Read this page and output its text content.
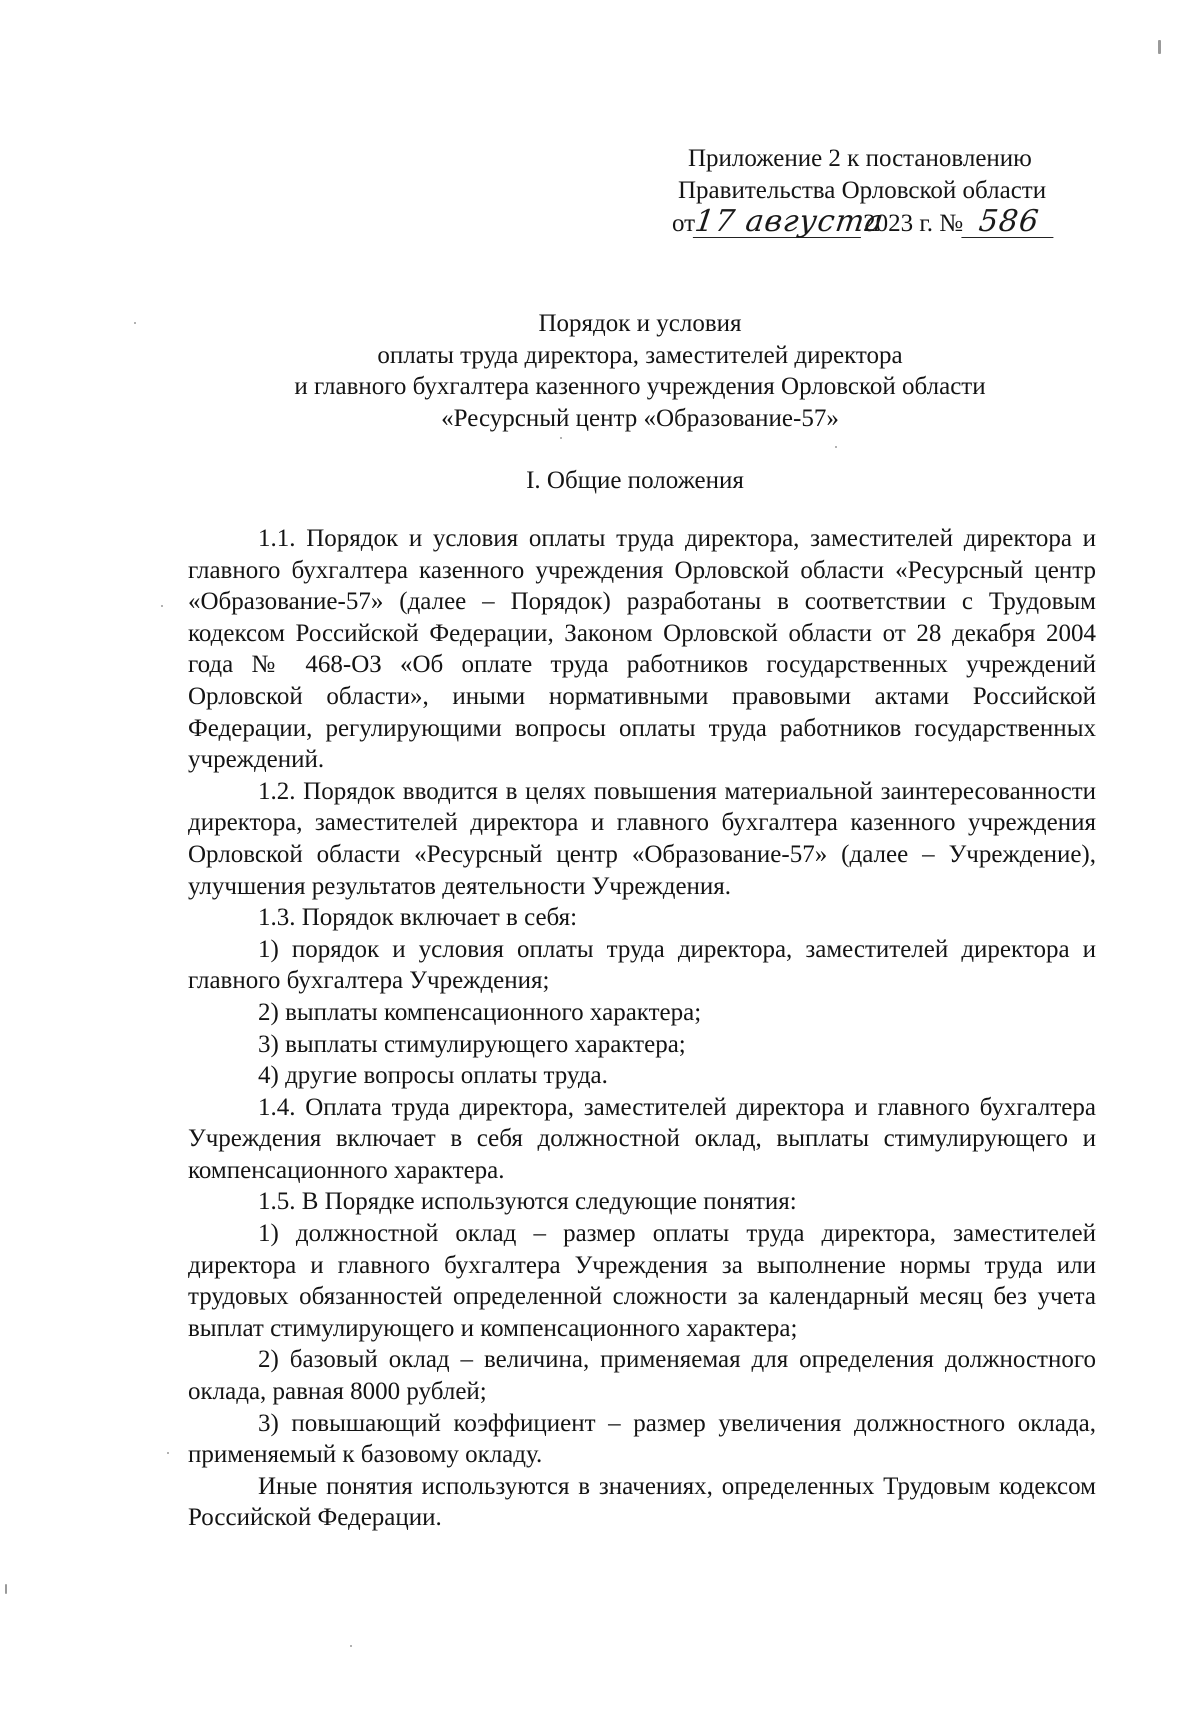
Приложение 2 к постановлению
Правительства Орловской области
от17 августа2023 г. № 586
Порядок и условия
оплаты труда директора, заместителей директора
и главного бухгалтера казенного учреждения Орловской области
«Ресурсный центр «Образование-57»
I. Общие положения

1.1. Порядок и условия оплаты труда директора, заместителей директора и главного бухгалтера казенного учреждения Орловской области «Ресурсный центр «Образование-57» (далее – Порядок) разработаны в соответствии с Трудовым кодексом Российской Федерации, Законом Орловской области от 28 декабря 2004 года № 468-ОЗ «Об оплате труда работников государственных учреждений Орловской области», иными нормативными правовыми актами Российской Федерации, регулирующими вопросы оплаты труда работников государственных учреждений.

1.2. Порядок вводится в целях повышения материальной заинтересованности директора, заместителей директора и главного бухгалтера казенного учреждения Орловской области «Ресурсный центр «Образование-57» (далее – Учреждение), улучшения результатов деятельности Учреждения.

1.3. Порядок включает в себя:

1) порядок и условия оплаты труда директора, заместителей директора и главного бухгалтера Учреждения;

2) выплаты компенсационного характера;

3) выплаты стимулирующего характера;

4) другие вопросы оплаты труда.

1.4. Оплата труда директора, заместителей директора и главного бухгалтера Учреждения включает в себя должностной оклад, выплаты стимулирующего и компенсационного характера.

1.5. В Порядке используются следующие понятия:

1) должностной оклад – размер оплаты труда директора, заместителей директора и главного бухгалтера Учреждения за выполнение нормы труда или трудовых обязанностей определенной сложности за календарный месяц без учета выплат стимулирующего и компенсационного характера;

2) базовый оклад – величина, применяемая для определения должностного оклада, равная 8000 рублей;

3) повышающий коэффициент – размер увеличения должностного оклада, применяемый к базовому окладу.

Иные понятия используются в значениях, определенных Трудовым кодексом Российской Федерации.
